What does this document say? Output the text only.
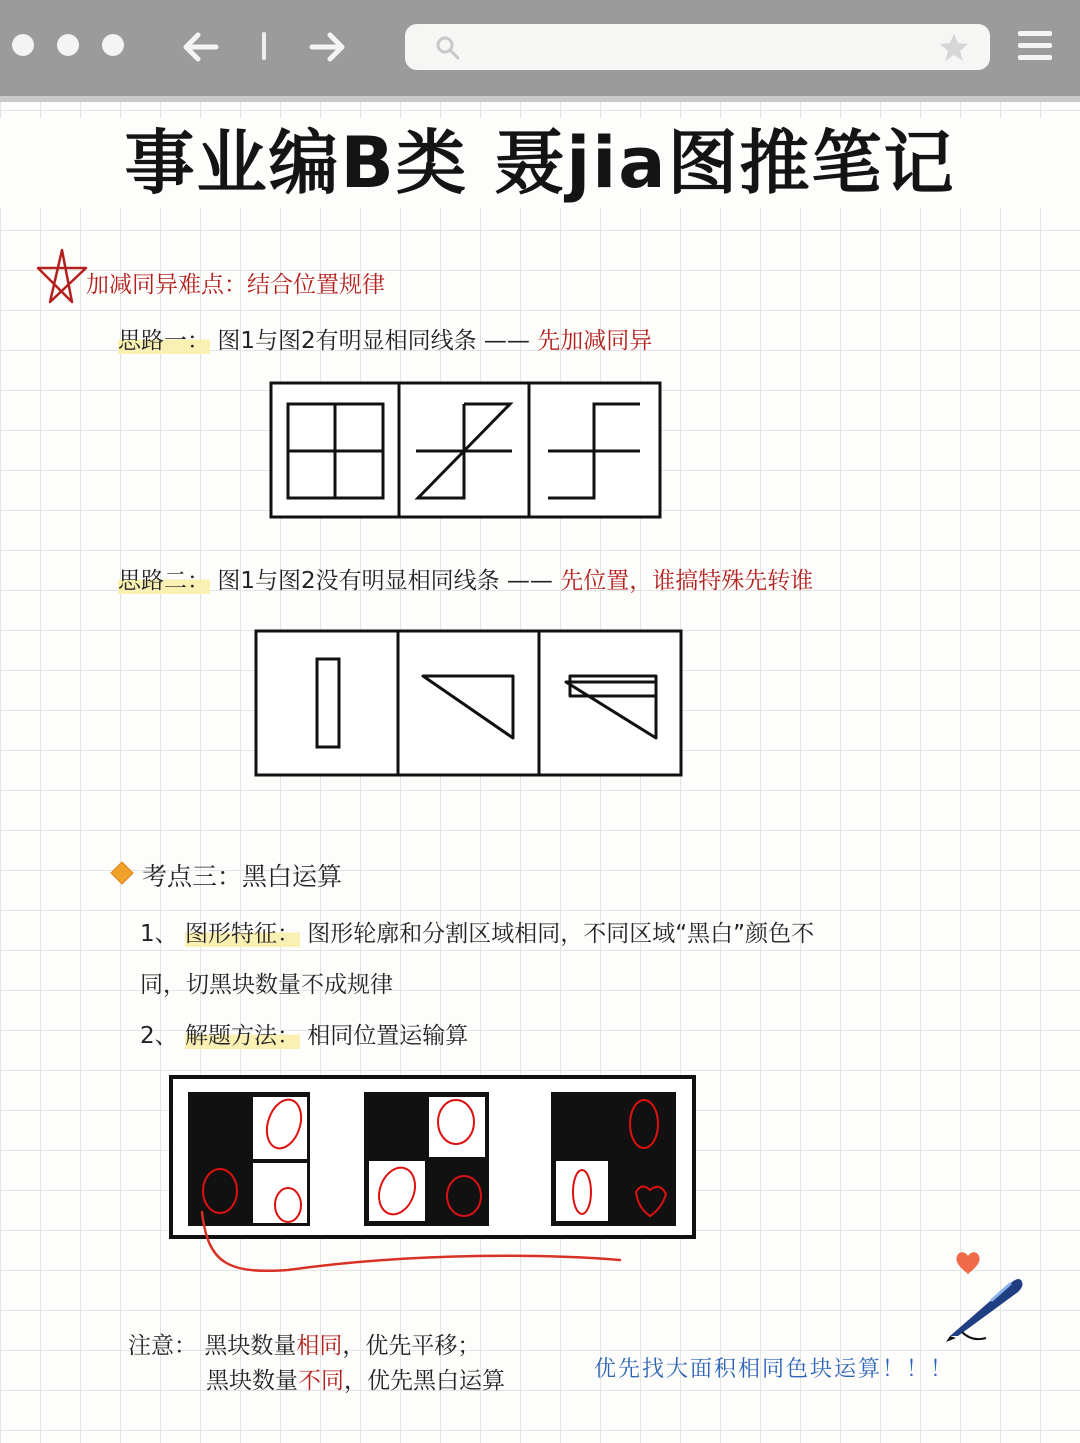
事业编B类 聂jia图推笔记
加减同异难点：结合位置规律
思路一： 图1与图2有明显相同线条 —— 先加减同异
思路二： 图1与图2没有明显相同线条 —— 先位置，谁搞特殊先转谁
考点三：黑白运算
1、 图形特征： 图形轮廓和分割区域相同，不同区域“黑白”颜色不
同，切黑块数量不成规律
2、 解题方法： 相同位置运输算
注意： 黑块数量相同，优先平移；
黑块数量不同，优先黑白运算	优先找大面积相同色块运算！！！
